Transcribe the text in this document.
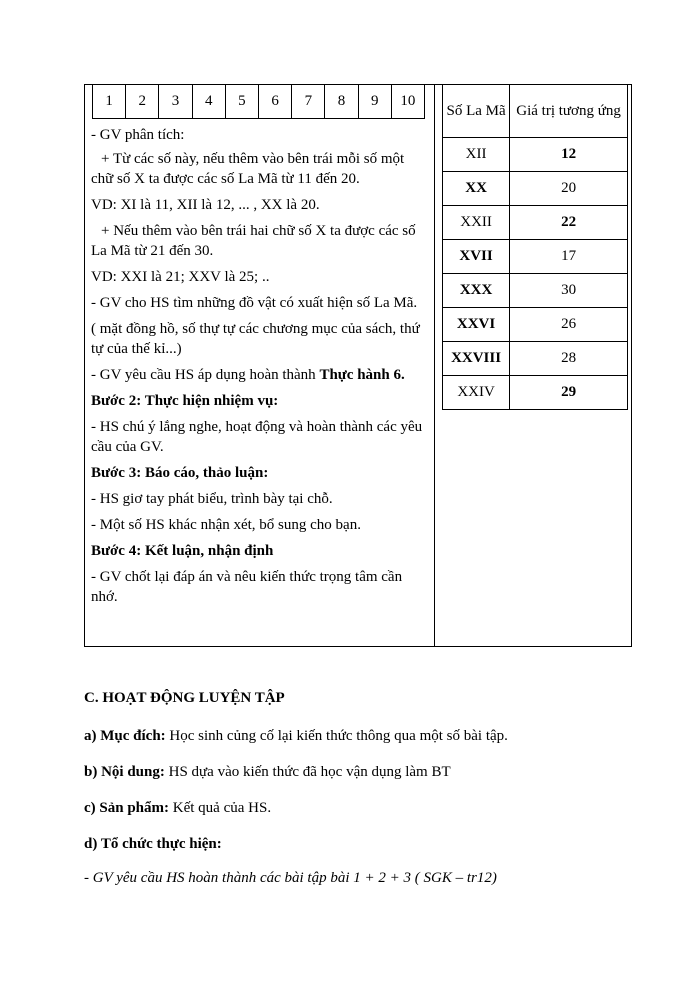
1	2	3	4	5	6	7	8	9	10

- GV phân tích:

+ Từ các số này, nếu thêm vào bên trái mỗi số một chữ số X ta được các số La Mã từ 11 đến 20.

VD: XI là 11, XII là 12, ... , XX là 20.

+ Nếu thêm vào bên trái hai chữ số X ta được các số La Mã từ 21 đến 30.

VD: XXI là 21; XXV là 25; ..

- GV cho HS tìm những đồ vật có xuất hiện số La Mã.

( mặt đồng hồ, số thự tự các chương mục của sách, thứ tự của thế kỉ...)

- GV yêu cầu HS áp dụng hoàn thành Thực hành 6.

Bước 2: Thực hiện nhiệm vụ:

- HS chú ý lắng nghe, hoạt động và hoàn thành các yêu cầu của GV.

Bước 3: Báo cáo, thảo luận:

- HS giơ tay phát biểu, trình bày tại chỗ.

- Một số HS khác nhận xét, bổ sung cho bạn.

Bước 4: Kết luận, nhận định

- GV chốt lại đáp án và nêu kiến thức trọng tâm cần nhớ.

Số La Mã	Giá trị tương ứng
XII	12
XX	20
XXII	22
XVII	17
XXX	30
XXVI	26
XXVIII	28
XXIV	29
C. HOẠT ĐỘNG LUYỆN TẬP
a) Mục đích: Học sinh củng cố lại kiến thức thông qua một số bài tập.
b) Nội dung: HS dựa vào kiến thức đã học vận dụng làm BT
c) Sản phẩm: Kết quả của HS.
d) Tổ chức thực hiện:
- GV yêu cầu HS hoàn thành các bài tập bài 1 + 2 + 3 ( SGK – tr12)
